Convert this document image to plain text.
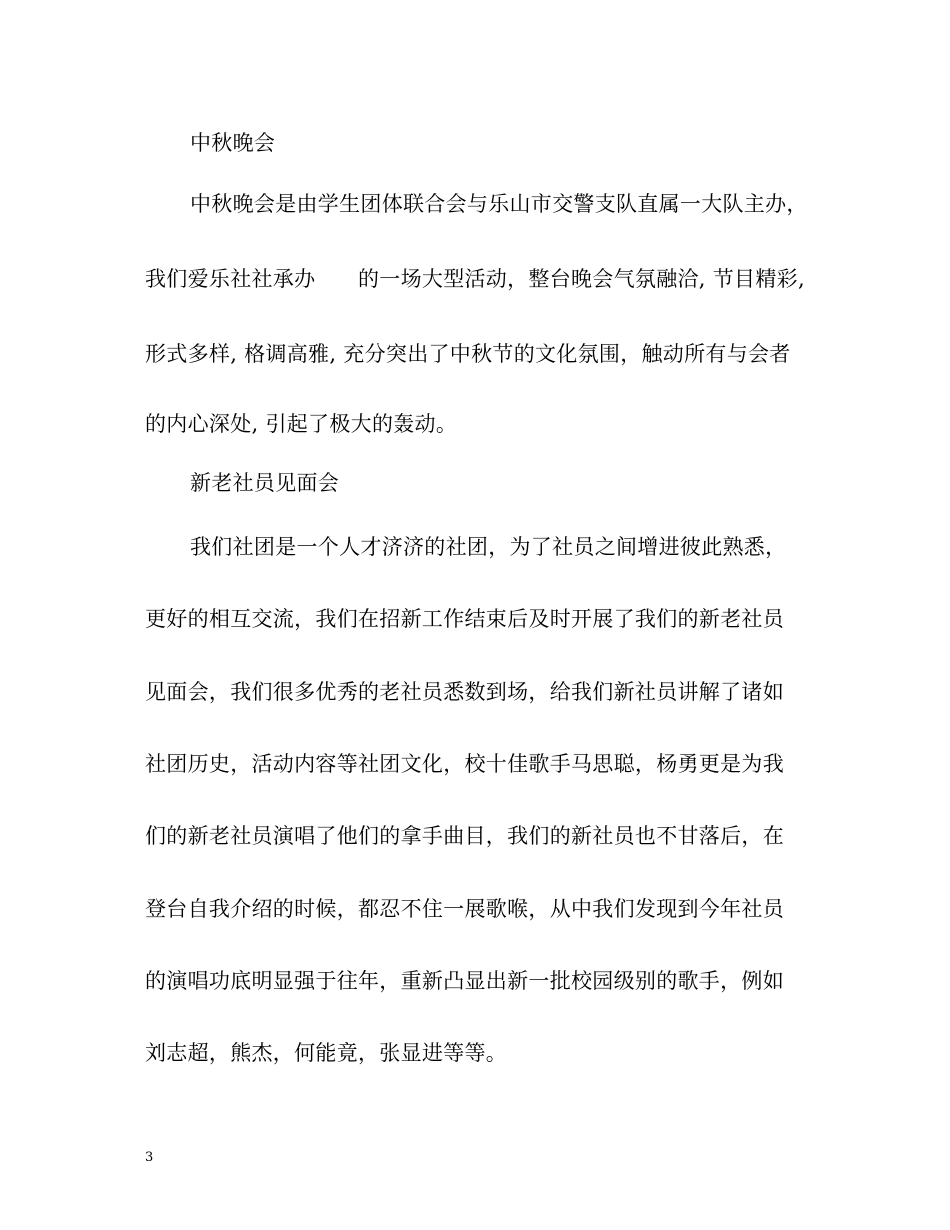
中秋晚会
中秋晚会是由学生团体联合会与乐山市交警支队直属一大队主办，
我们爱乐社社承办　　的一场大型活动，整台晚会气氛融洽, 节目精彩,
形式多样, 格调高雅, 充分突出了中秋节的文化氛围，触动所有与会者
的内心深处, 引起了极大的轰动。
新老社员见面会
我们社团是一个人才济济的社团，为了社员之间增进彼此熟悉，
更好的相互交流，我们在招新工作结束后及时开展了我们的新老社员
见面会，我们很多优秀的老社员悉数到场，给我们新社员讲解了诸如
社团历史，活动内容等社团文化，校十佳歌手马思聪，杨勇更是为我
们的新老社员演唱了他们的拿手曲目，我们的新社员也不甘落后，在
登台自我介绍的时候，都忍不住一展歌喉，从中我们发现到今年社员
的演唱功底明显强于往年，重新凸显出新一批校园级别的歌手，例如
刘志超，熊杰，何能竟，张显进等等。
3
